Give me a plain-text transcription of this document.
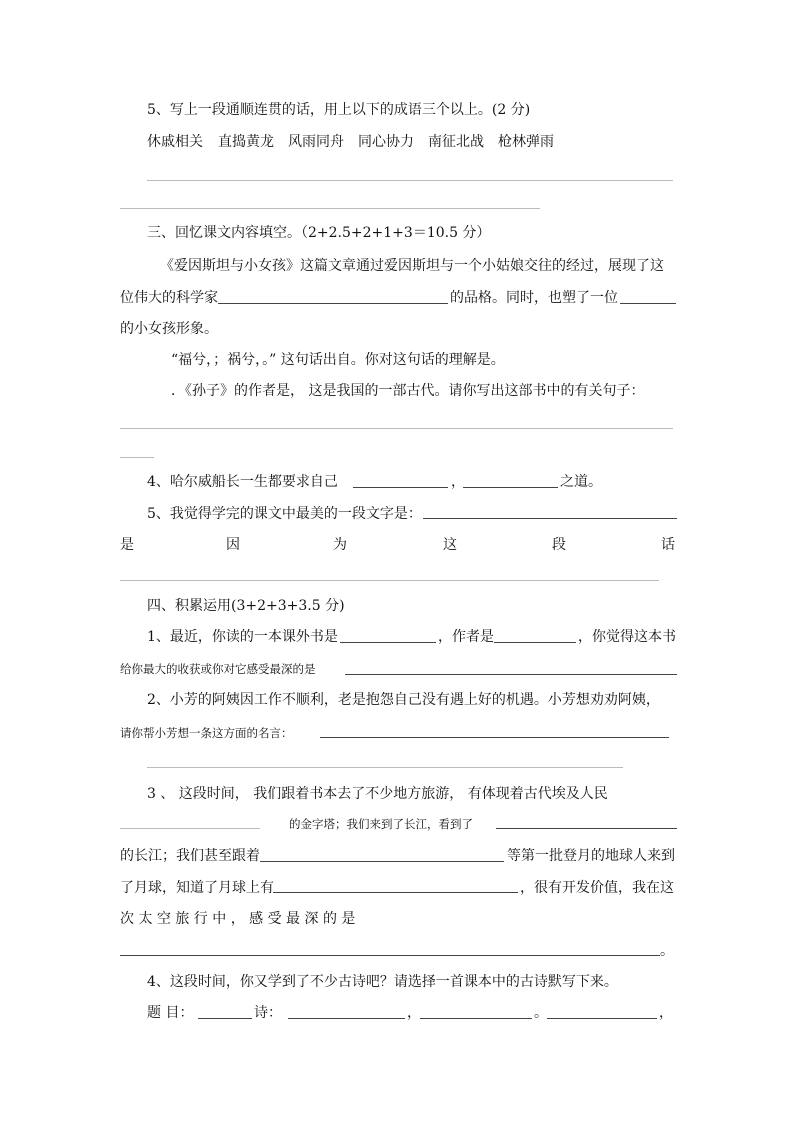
5、写上一段通顺连贯的话，用上以下的成语三个以上。(2 分)
休戚相关 直捣黄龙 风雨同舟 同心协力 南征北战 枪林弹雨
三、回忆课文内容填空。（2+2.5+2+1+3＝10.5 分）
《爱因斯坦与小女孩》这篇文章通过爱因斯坦与一个小姑娘交往的经过，展现了这
位伟大的科学家	的品格。同时，也塑了一位
的小女孩形象。
“福兮，；祸兮，。” 这句话出自。你对这句话的理解是。
．《孙子》的作者是， 这是我国的一部古代。请你写出这部书中的有关句子：
4、哈尔威船长一生都要求自己	，	之道。
5、我觉得学完的课文中最美的一段文字是：
是	因	为	这	段	话
四、积累运用(3+2+3+3.5 分)
1、最近，你读的一本课外书是	，作者是	，你觉得这本书
给你最大的收获或你对它感受最深的是
2、小芳的阿姨因工作不顺利，老是抱怨自己没有遇上好的机遇。小芳想劝劝阿姨，
请你帮小芳想一条这方面的名言：
3 、 这段时间， 我们跟着书本去了不少地方旅游， 有体现着古代埃及人民
的金字塔；我们来到了长江，看到了
的长江；我们甚至跟着	等第一批登月的地球人来到
了月球，知道了月球上有	，很有开发价值，我在这
次 太 空 旅 行 中 ， 感 受 最 深 的 是
。
4、这段时间，你又学到了不少古诗吧？请选择一首课本中的古诗默写下来。
题 目：	诗：	，	。	，
